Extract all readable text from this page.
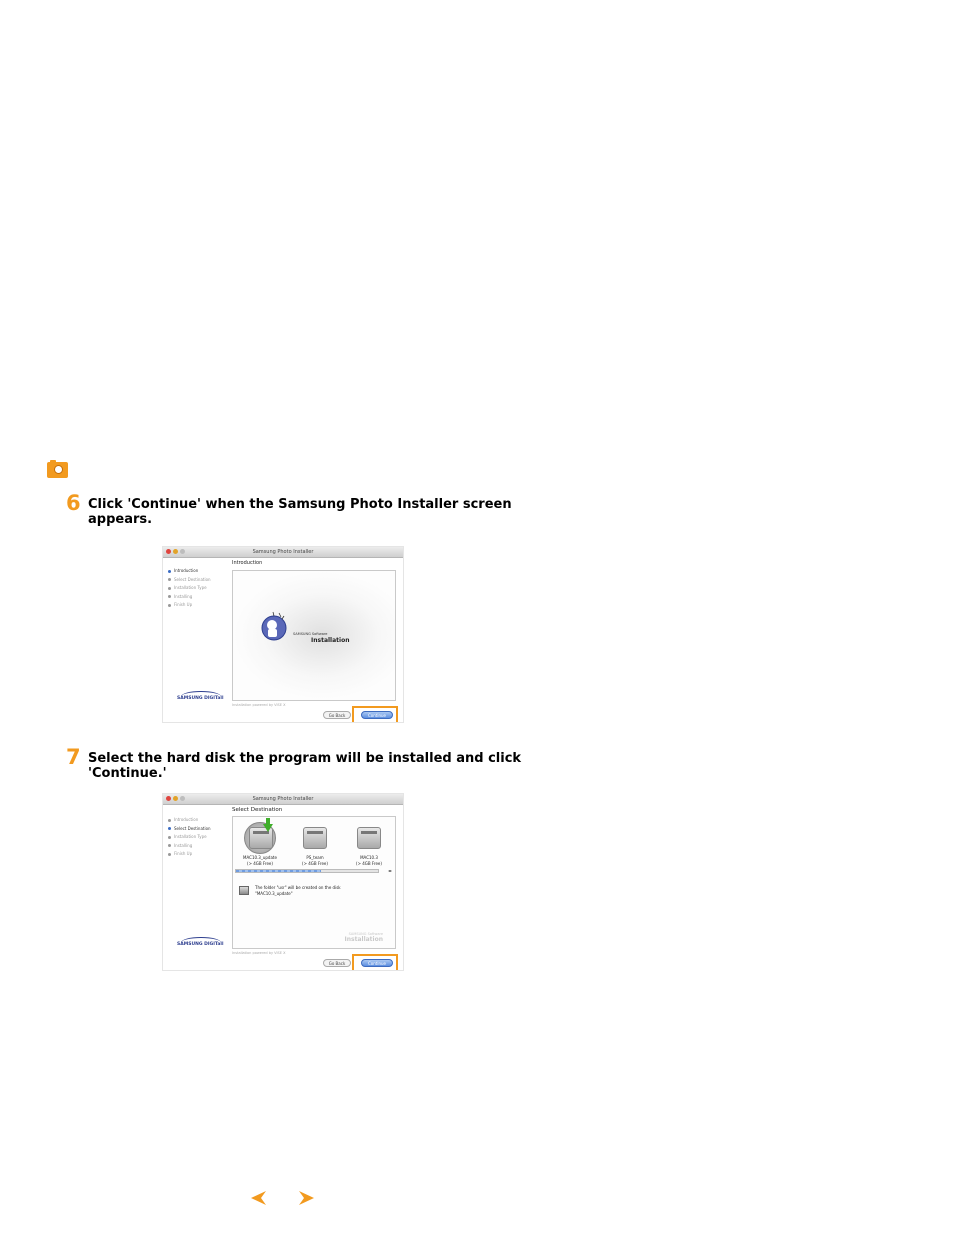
6 Click 'Continue' when the Samsung Photo Installer screen appears.
Samsung Photo Installer
Introduction
Select Destination
Installation Type
Installing
Finish Up
SAMSUNG DIGITall
Introduction
SAMSUNG Software
Installation
Installation powered by VISE X
Go Back	Continue
7 Select the hard disk the program will be installed and click 'Continue.'
Samsung Photo Installer
Select Destination
Introduction
Select Destination
Installation Type
Installing
Finish Up
SAMSUNG DIGITall
MAC10.3_update
(> 4GB Free)
PS_team
(> 4GB Free)
MAC10.3
(> 4GB Free)
◂▸
The folder "usr" will be created on the disk
"MAC10.3_update"
SAMSUNG Software
Installation
Installation powered by VISE X
Go Back	Continue
